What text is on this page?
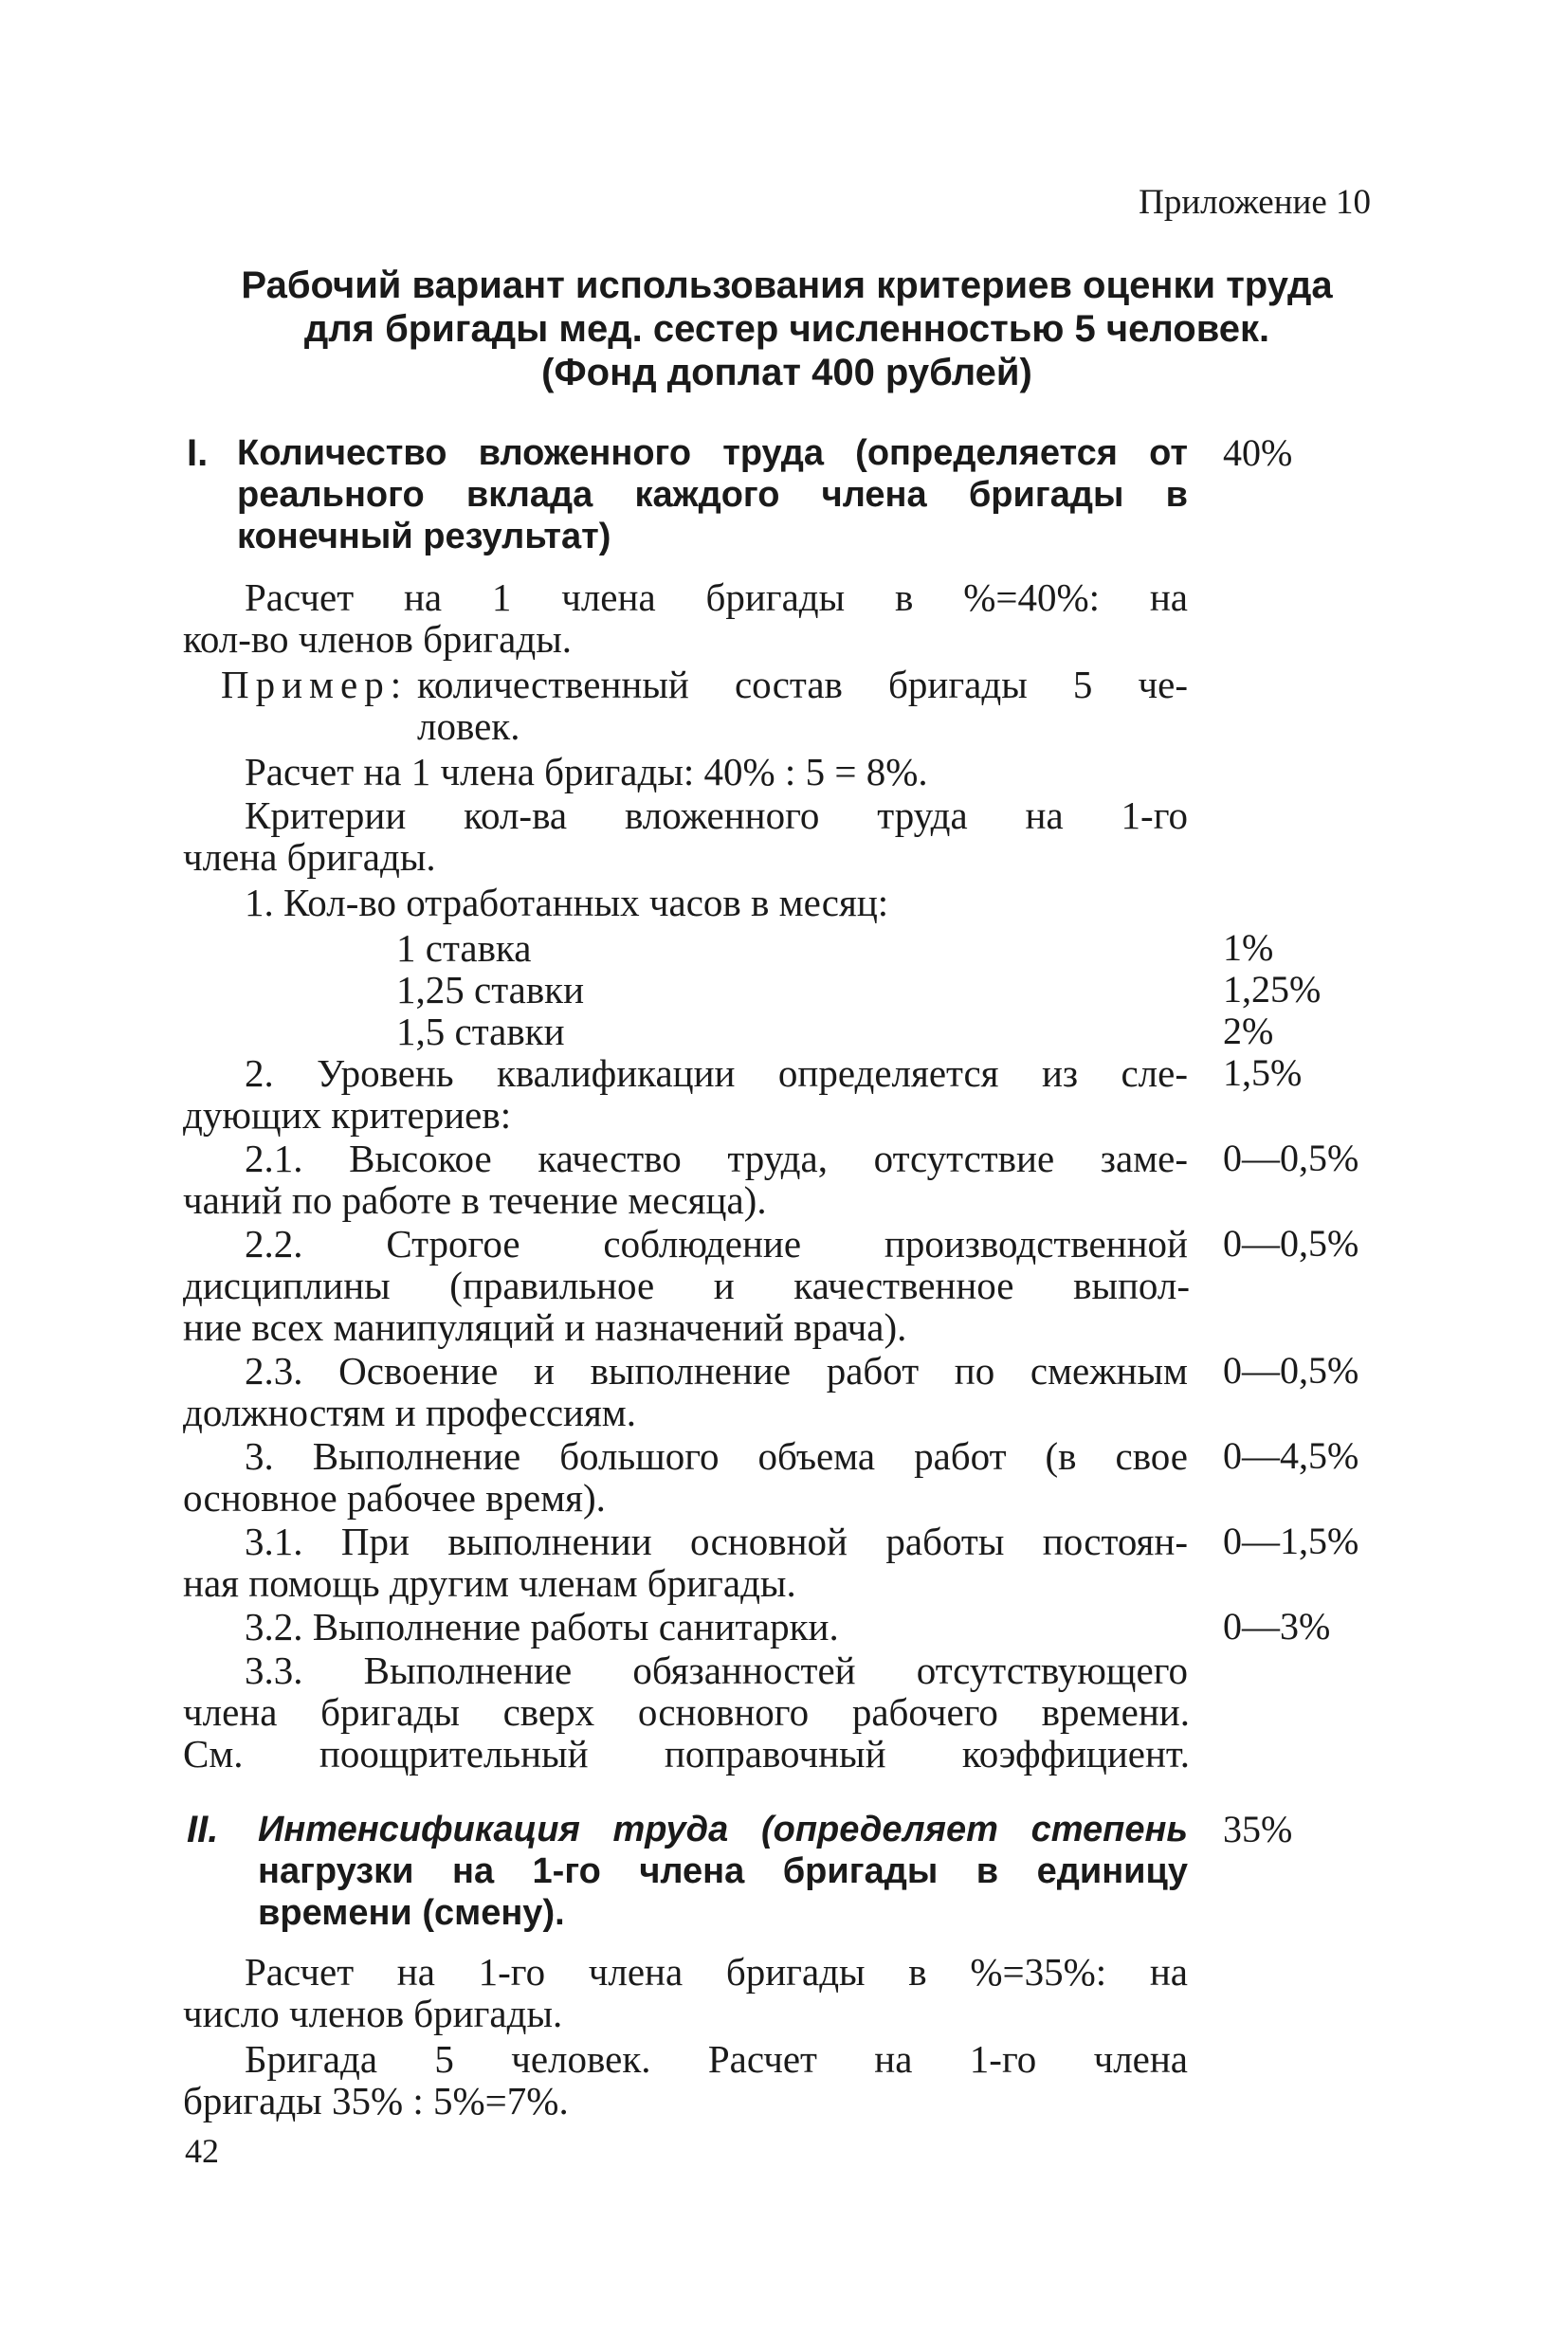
Приложение 10
Рабочий вариант использования критериев оценки труда
для бригады мед. сестер численностью 5 человек.
(Фонд доплат 400 рублей)
I. Количество вложенного труда (определяется от
реального вклада каждого члена бригады в
конечный результат)
40%
Расчет на 1 члена бригады в %=40%: на
кол-во членов бригады.
Пример: количественный состав бригады 5 че-
ловек.
Расчет на 1 члена бригады: 40% : 5 = 8%.
Критерии кол-ва вложенного труда на 1-го
члена бригады.
1. Кол-во отработанных часов в месяц:
1 ставка	1%
1,25 ставки	1,25%
1,5 ставки	2%
2. Уровень квалификации определяется из сле-
дующих критериев:
1,5%
2.1. Высокое качество труда, отсутствие заме-
чаний по работе в течение месяца).
0—0,5%
2.2. Строгое соблюдение производственной
дисциплины (правильное и качественное выпол-
ние всех манипуляций и назначений врача).
0—0,5%
2.3. Освоение и выполнение работ по смежным
должностям и профессиям.
0—0,5%
3. Выполнение большого объема работ (в свое
основное рабочее время).
0—4,5%
3.1. При выполнении основной работы постоян-
ная помощь другим членам бригады.
0—1,5%
3.2. Выполнение работы санитарки.	0—3%
3.3. Выполнение обязанностей отсутствующего
члена бригады сверх основного рабочего времени.
См. поощрительный поправочный коэффициент.
II. Интенсификация труда (определяет степень
нагрузки на 1-го члена бригады в единицу
времени (смену).
35%
Расчет на 1-го члена бригады в %=35%: на
число членов бригады.
Бригада 5 человек. Расчет на 1-го члена
бригады 35% : 5%=7%.
42
